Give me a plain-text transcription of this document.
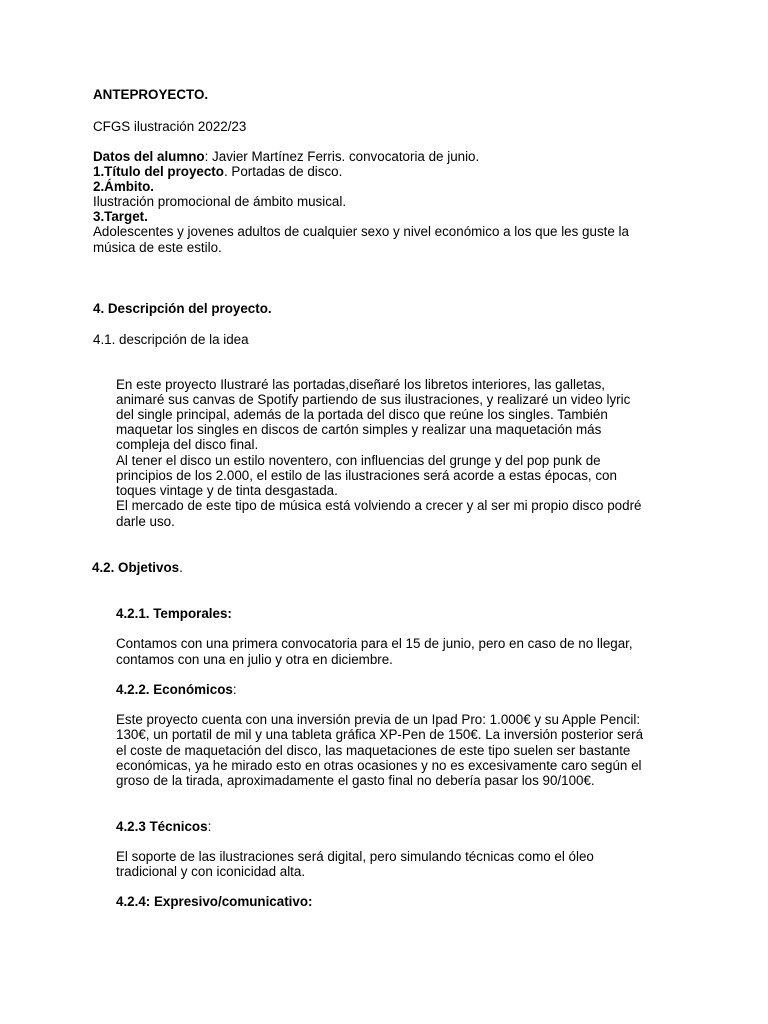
ANTEPROYECTO.
CFGS ilustración 2022/23
Datos del alumno: Javier Martínez Ferris. convocatoria de junio.
1.Título del proyecto. Portadas de disco.
2.Ámbito.
Ilustración promocional de ámbito musical.
3.Target.
Adolescentes y jovenes adultos de cualquier sexo y nivel económico a los que les guste la
música de este estilo.
4. Descripción del proyecto.
4.1. descripción de la idea
En este proyecto Ilustraré las portadas,diseñaré los libretos interiores, las galletas,
animaré sus canvas de Spotify partiendo de sus ilustraciones, y realizaré un video lyric
del single principal, además de la portada del disco que reúne los singles. También
maquetar los singles en discos de cartón simples y realizar una maquetación más
compleja del disco final.
Al tener el disco un estilo noventero, con influencias del grunge y del pop punk de
principios de los 2.000, el estilo de las ilustraciones será acorde a estas épocas, con
toques vintage y de tinta desgastada.
El mercado de este tipo de música está volviendo a crecer y al ser mi propio disco podré
darle uso.
4.2. Objetivos.
4.2.1. Temporales:
Contamos con una primera convocatoria para el 15 de junio, pero en caso de no llegar,
contamos con una en julio y otra en diciembre.
4.2.2. Económicos:
Este proyecto cuenta con una inversión previa de un Ipad Pro: 1.000€ y su Apple Pencil:
130€, un portatil de mil y una tableta gráfica XP-Pen de 150€. La inversión posterior será
el coste de maquetación del disco, las maquetaciones de este tipo suelen ser bastante
económicas, ya he mirado esto en otras ocasiones y no es excesivamente caro según el
groso de la tirada, aproximadamente el gasto final no debería pasar los 90/100€.
4.2.3 Técnicos:
El soporte de las ilustraciones será digital, pero simulando técnicas como el óleo
tradicional y con iconicidad alta.
4.2.4: Expresivo/comunicativo:
